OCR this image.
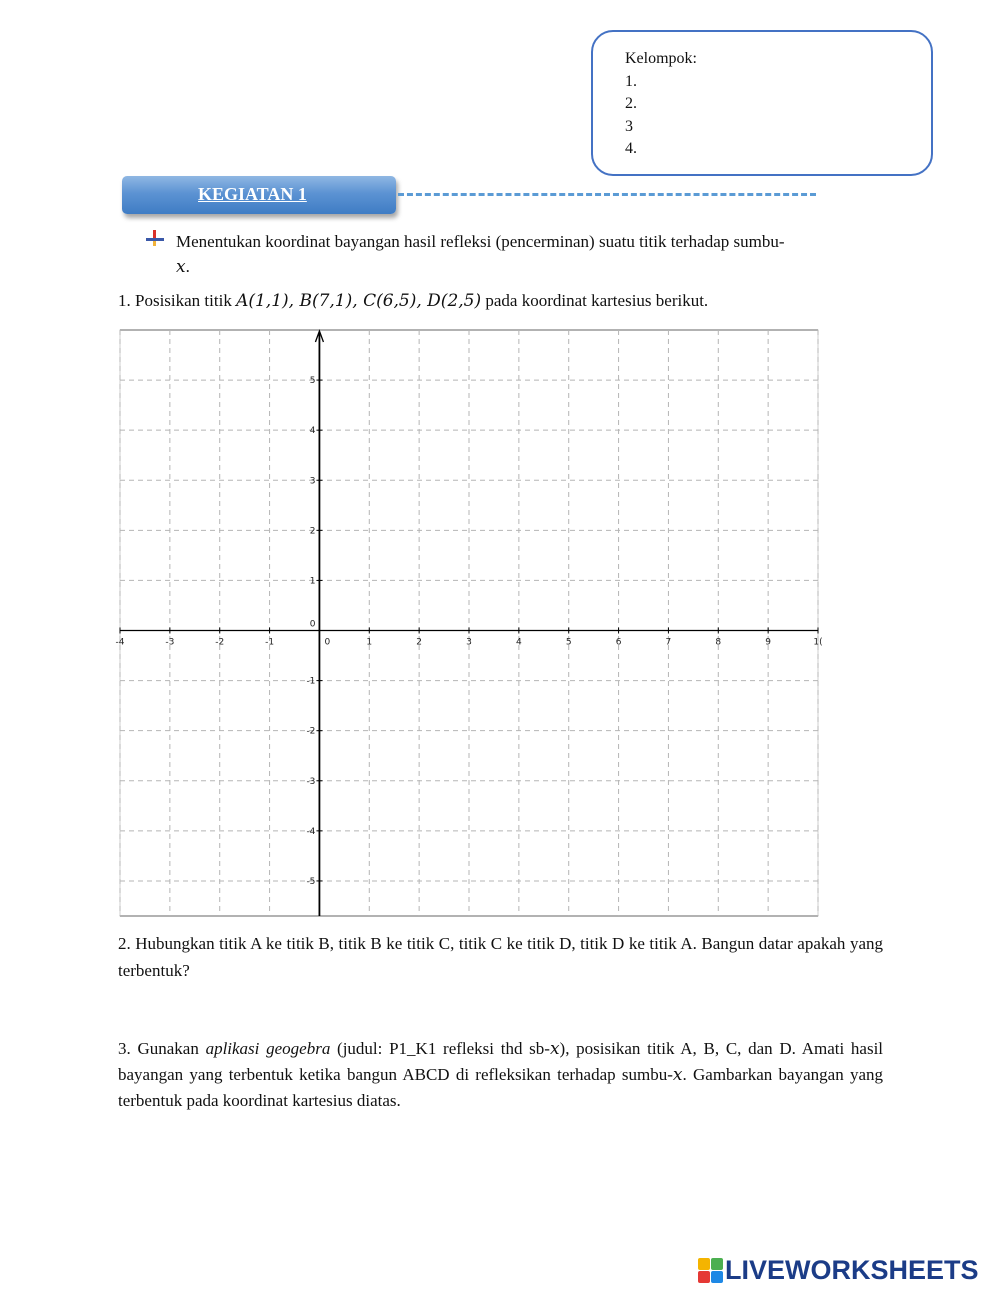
Kelompok:
1.
2.
3
4.
KEGIATAN 1
Menentukan koordinat bayangan hasil refleksi (pencerminan) suatu titik terhadap sumbu-
x.
1. Posisikan titik A(1,1), B(7,1), C(6,5), D(2,5) pada koordinat kartesius berikut.
-4	-3	-2	-1	0	1	2	3	4	5	6	7	8	9	1(
5
4
3
2
1
0
-1
-2
-3
-4
-5
2. Hubungkan titik A ke titik B, titik B ke titik C, titik C ke titik D, titik D ke titik A. Bangun datar apakah yang terbentuk?
3. Gunakan aplikasi geogebra (judul: P1_K1 refleksi thd sb-x), posisikan titik A, B, C, dan D. Amati hasil bayangan yang terbentuk ketika bangun ABCD di refleksikan terhadap sumbu-x. Gambarkan bayangan yang terbentuk pada koordinat kartesius diatas.
LIVEWORKSHEETS
